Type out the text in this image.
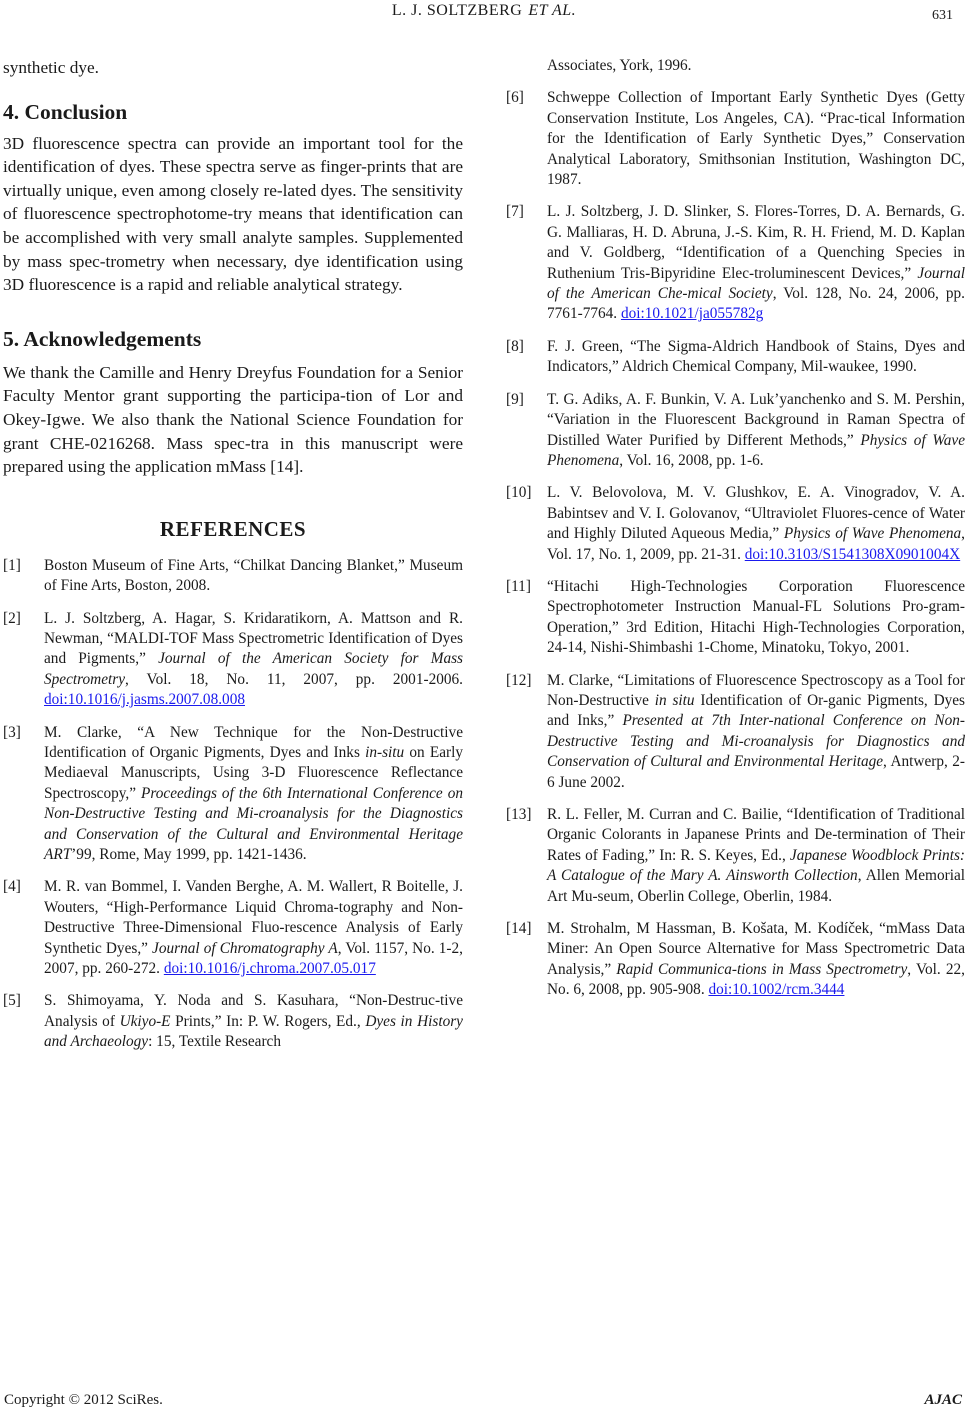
L. J. SOLTZBERG ET AL.	631

synthetic dye.

4. Conclusion

3D fluorescence spectra can provide an important tool for the identification of dyes. These spectra serve as finger-prints that are virtually unique, even among closely re-lated dyes. The sensitivity of fluorescence spectrophotome-try means that identification can be accomplished with very small analyte samples. Supplemented by mass spec-trometry when necessary, dye identification using 3D fluorescence is a rapid and reliable analytical strategy.

5. Acknowledgements

We thank the Camille and Henry Dreyfus Foundation for a Senior Faculty Mentor grant supporting the participa-tion of Lor and Okey-Igwe. We also thank the National Science Foundation for grant CHE-0216268. Mass spec-tra in this manuscript were prepared using the application mMass [14].

REFERENCES

[1] Boston Museum of Fine Arts, “Chilkat Dancing Blanket,” Museum of Fine Arts, Boston, 2008.

[2] L. J. Soltzberg, A. Hagar, S. Kridaratikorn, A. Mattson and R. Newman, “MALDI-TOF Mass Spectrometric Identification of Dyes and Pigments,” Journal of the American Society for Mass Spectrometry, Vol. 18, No. 11, 2007, pp. 2001-2006. doi:10.1016/j.jasms.2007.08.008

[3] M. Clarke, “A New Technique for the Non-Destructive Identification of Organic Pigments, Dyes and Inks in-situ on Early Mediaeval Manuscripts, Using 3-D Fluorescence Reflectance Spectroscopy,” Proceedings of the 6th International Conference on Non-Destructive Testing and Mi-croanalysis for the Diagnostics and Conservation of the Cultural and Environmental Heritage ART’99, Rome, May 1999, pp. 1421-1436.

[4] M. R. van Bommel, I. Vanden Berghe, A. M. Wallert, R Boitelle, J. Wouters, “High-Performance Liquid Chroma-tography and Non-Destructive Three-Dimensional Fluo-rescence Analysis of Early Synthetic Dyes,” Journal of Chromatography A, Vol. 1157, No. 1-2, 2007, pp. 260-272. doi:10.1016/j.chroma.2007.05.017

[5] S. Shimoyama, Y. Noda and S. Kasuhara, “Non-Destruc-tive Analysis of Ukiyo-E Prints,” In: P. W. Rogers, Ed., Dyes in History and Archaeology: 15, Textile Research

Associates, York, 1996.

[6] Schweppe Collection of Important Early Synthetic Dyes (Getty Conservation Institute, Los Angeles, CA). “Prac-tical Information for the Identification of Early Synthetic Dyes,” Conservation Analytical Laboratory, Smithsonian Institution, Washington DC, 1987.

[7] L. J. Soltzberg, J. D. Slinker, S. Flores-Torres, D. A. Bernards, G. G. Malliaras, H. D. Abruna, J.-S. Kim, R. H. Friend, M. D. Kaplan and V. Goldberg, “Identification of a Quenching Species in Ruthenium Tris-Bipyridine Elec-troluminescent Devices,” Journal of the American Che-mical Society, Vol. 128, No. 24, 2006, pp. 7761-7764. doi:10.1021/ja055782g

[8] F. J. Green, “The Sigma-Aldrich Handbook of Stains, Dyes and Indicators,” Aldrich Chemical Company, Mil-waukee, 1990.

[9] T. G. Adiks, A. F. Bunkin, V. A. Luk’yanchenko and S. M. Pershin, “Variation in the Fluorescent Background in Raman Spectra of Distilled Water Purified by Different Methods,” Physics of Wave Phenomena, Vol. 16, 2008, pp. 1-6.

[10] L. V. Belovolova, M. V. Glushkov, E. A. Vinogradov, V. A. Babintsev and V. I. Golovanov, “Ultraviolet Fluores-cence of Water and Highly Diluted Aqueous Media,” Physics of Wave Phenomena, Vol. 17, No. 1, 2009, pp. 21-31. doi:10.3103/S1541308X0901004X

[11] “Hitachi High-Technologies Corporation Fluorescence Spectrophotometer Instruction Manual-FL Solutions Pro-gram-Operation,” 3rd Edition, Hitachi High-Technologies Corporation, 24-14, Nishi-Shimbashi 1-Chome, Minatoku, Tokyo, 2001.

[12] M. Clarke, “Limitations of Fluorescence Spectroscopy as a Tool for Non-Destructive in situ Identification of Or-ganic Pigments, Dyes and Inks,” Presented at 7th Inter-national Conference on Non-Destructive Testing and Mi-croanalysis for Diagnostics and Conservation of Cultural and Environmental Heritage, Antwerp, 2-6 June 2002.

[13] R. L. Feller, M. Curran and C. Bailie, “Identification of Traditional Organic Colorants in Japanese Prints and De-termination of Their Rates of Fading,” In: R. S. Keyes, Ed., Japanese Woodblock Prints: A Catalogue of the Mary A. Ainsworth Collection, Allen Memorial Art Mu-seum, Oberlin College, Oberlin, 1984.

[14] M. Strohalm, M Hassman, B. Košata, M. Kodíček, “mMass Data Miner: An Open Source Alternative for Mass Spectrometric Data Analysis,” Rapid Communica-tions in Mass Spectrometry, Vol. 22, No. 6, 2008, pp. 905-908. doi:10.1002/rcm.3444

Copyright © 2012 SciRes.	AJAC
